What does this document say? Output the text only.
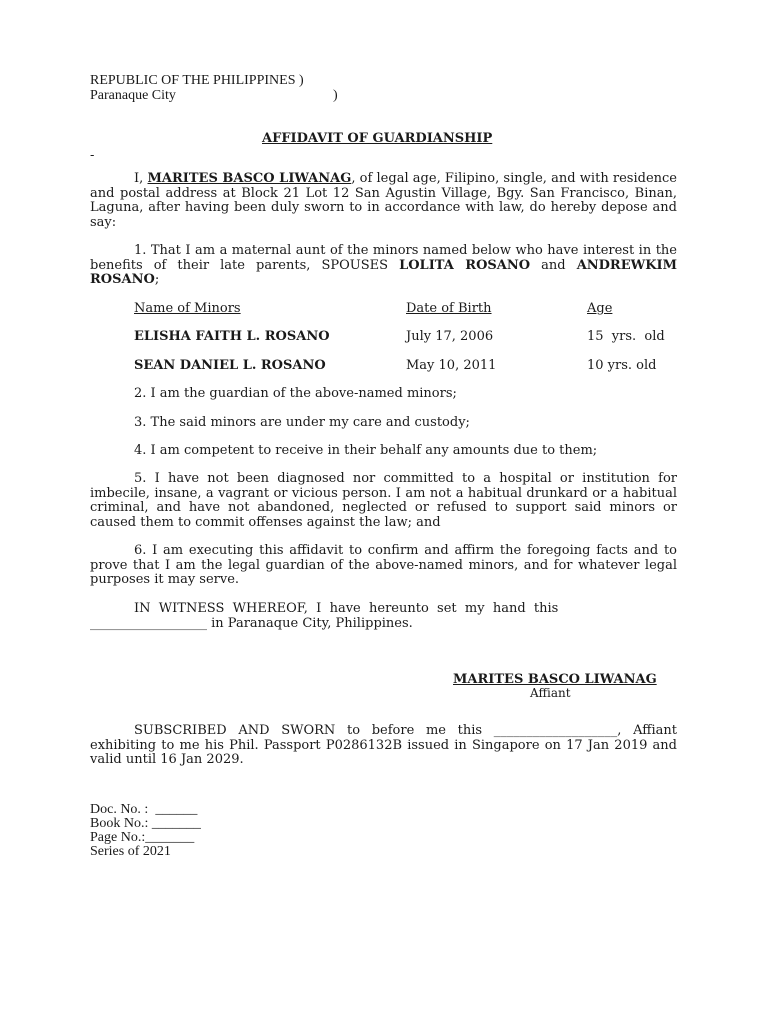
REPUBLIC OF THE PHILIPPINES )
Paranaque City	)
AFFIDAVIT OF GUARDIANSHIP
-
I, MARITES BASCO LIWANAG, of legal age, Filipino, single, and with residence and postal address at Block 21 Lot 12 San Agustin Village, Bgy. San Francisco, Binan, Laguna, after having been duly sworn to in accordance with law, do hereby depose and say:
1. That I am a maternal aunt of the minors named below who have interest in the benefits of their late parents, SPOUSES LOLITA ROSANO and ANDREWKIM ROSANO;
Name of Minors	Date of Birth	Age
ELISHA FAITH L. ROSANO	July 17, 2006	15  yrs.  old
SEAN DANIEL L. ROSANO	May 10, 2011	10 yrs. old
2. I am the guardian of the above-named minors;
3. The said minors are under my care and custody;
4. I am competent to receive in their behalf any amounts due to them;
5. I have not been diagnosed nor committed to a hospital or institution for imbecile, insane, a vagrant or vicious person. I am not a habitual drunkard or a habitual criminal, and have not abandoned, neglected or refused to support said minors or caused them to commit offenses against the law; and
6. I am executing this affidavit to confirm and affirm the foregoing facts and to prove that I am the legal guardian of the above-named minors, and for whatever legal purposes it may serve.
IN  WITNESS  WHEREOF,  I  have  hereunto  set  my  hand  this
__________________ in Paranaque City, Philippines.
MARITES BASCO LIWANAG
Affiant
SUBSCRIBED AND SWORN to before me this ___________________, Affiant exhibiting to me his Phil. Passport P0286132B issued in Singapore on 17 Jan 2019 and valid until 16 Jan 2029.
Doc. No. :  ______
Book No.: _______
Page No.:_______
Series of 2021
